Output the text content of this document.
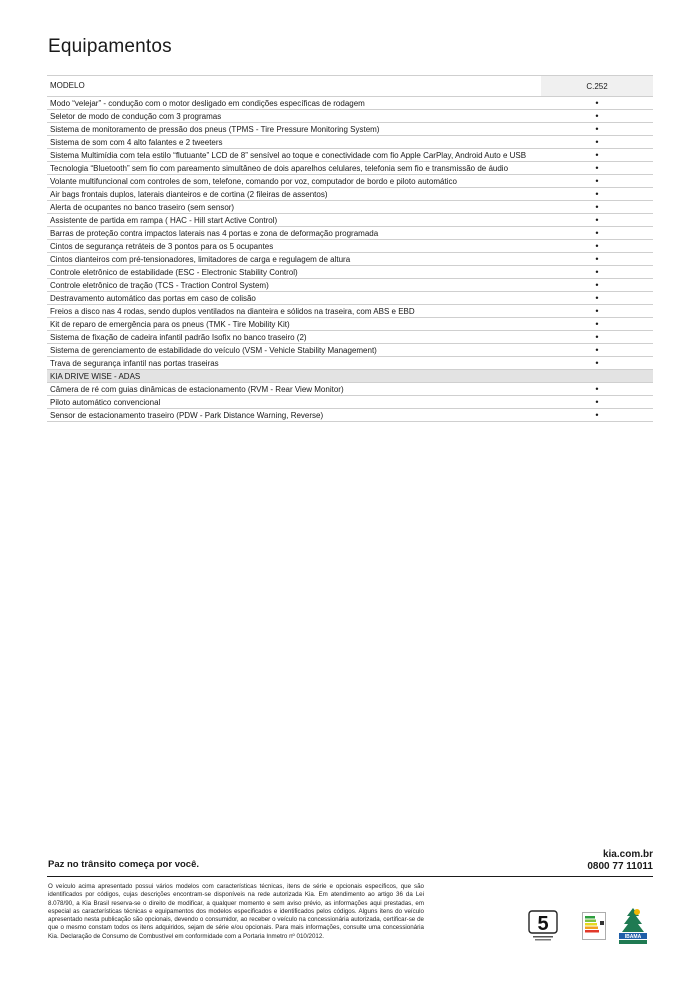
Equipamentos
MODELO	C.252
Modo “velejar” - condução com o motor desligado em condições específicas de rodagem	•
Seletor de modo de condução com 3 programas	•
Sistema de monitoramento de pressão dos pneus (TPMS - Tire Pressure Monitoring System)	•
Sistema de som com 4 alto falantes e 2 tweeters	•
Sistema Multimídia com tela estilo “flutuante” LCD de 8” sensível ao toque e conectividade com fio Apple CarPlay, Android Auto e USB	•
Tecnologia “Bluetooth” sem fio com pareamento simultâneo de dois aparelhos celulares, telefonia sem fio e transmissão de áudio	•
Volante multifuncional com controles de som, telefone, comando por voz, computador de bordo e piloto automático	•
Air bags frontais duplos, laterais dianteiros e de cortina (2 fileiras de assentos)	•
Alerta de ocupantes no banco traseiro (sem sensor)	•
Assistente de partida em rampa ( HAC - Hill start Active Control)	•
Barras de proteção contra impactos laterais nas 4 portas e zona de deformação programada	•
Cintos de segurança retráteis de 3 pontos para os 5 ocupantes	•
Cintos dianteiros com pré-tensionadores, limitadores de carga e regulagem de altura	•
Controle eletrônico de estabilidade (ESC - Electronic Stability Control)	•
Controle eletrônico de tração (TCS - Traction Control System)	•
Destravamento automático das portas em caso de colisão	•
Freios a disco nas 4 rodas, sendo duplos ventilados na dianteira e sólidos na traseira, com ABS e EBD	•
Kit de reparo de emergência para os pneus (TMK - Tire Mobility Kit)	•
Sistema de fixação de cadeira infantil padrão Isofix no banco traseiro (2)	•
Sistema de gerenciamento de estabilidade do veículo (VSM - Vehicle Stability Management)	•
Trava de segurança infantil nas portas traseiras	•
KIA DRIVE WISE - ADAS
Câmera de ré com guias dinâmicas de estacionamento (RVM - Rear View Monitor)	•
Piloto automático convencional	•
Sensor de estacionamento traseiro (PDW - Park Distance Warning, Reverse)	•
kia.com.br
0800 77 11011
Paz no trânsito começa por você.
O veículo acima apresentado possui vários modelos com características técnicas, itens de série e opcionais específicos, que são identificados por códigos, cujas descrições encontram-se disponíveis na rede autorizada Kia. Em atendimento ao artigo 36 da Lei 8.078/90, a Kia Brasil reserva-se o direito de modificar, a qualquer momento e sem aviso prévio, as informações aqui prestadas, em especial as características técnicas e equipamentos dos modelos especificados e identificados pelos códigos. Alguns itens do veículo apresentado nesta publicação são opcionais, devendo o consumidor, ao receber o veículo na concessionária autorizada, certificar-se de que o mesmo constam todos os itens adquiridos, sejam de série e/ou opcionais. Para mais informações, consulte uma concessionária Kia. Declaração de Consumo de Combustível em conformidade com a Portaria Inmetro nº 010/2012.
5
IBAMA
